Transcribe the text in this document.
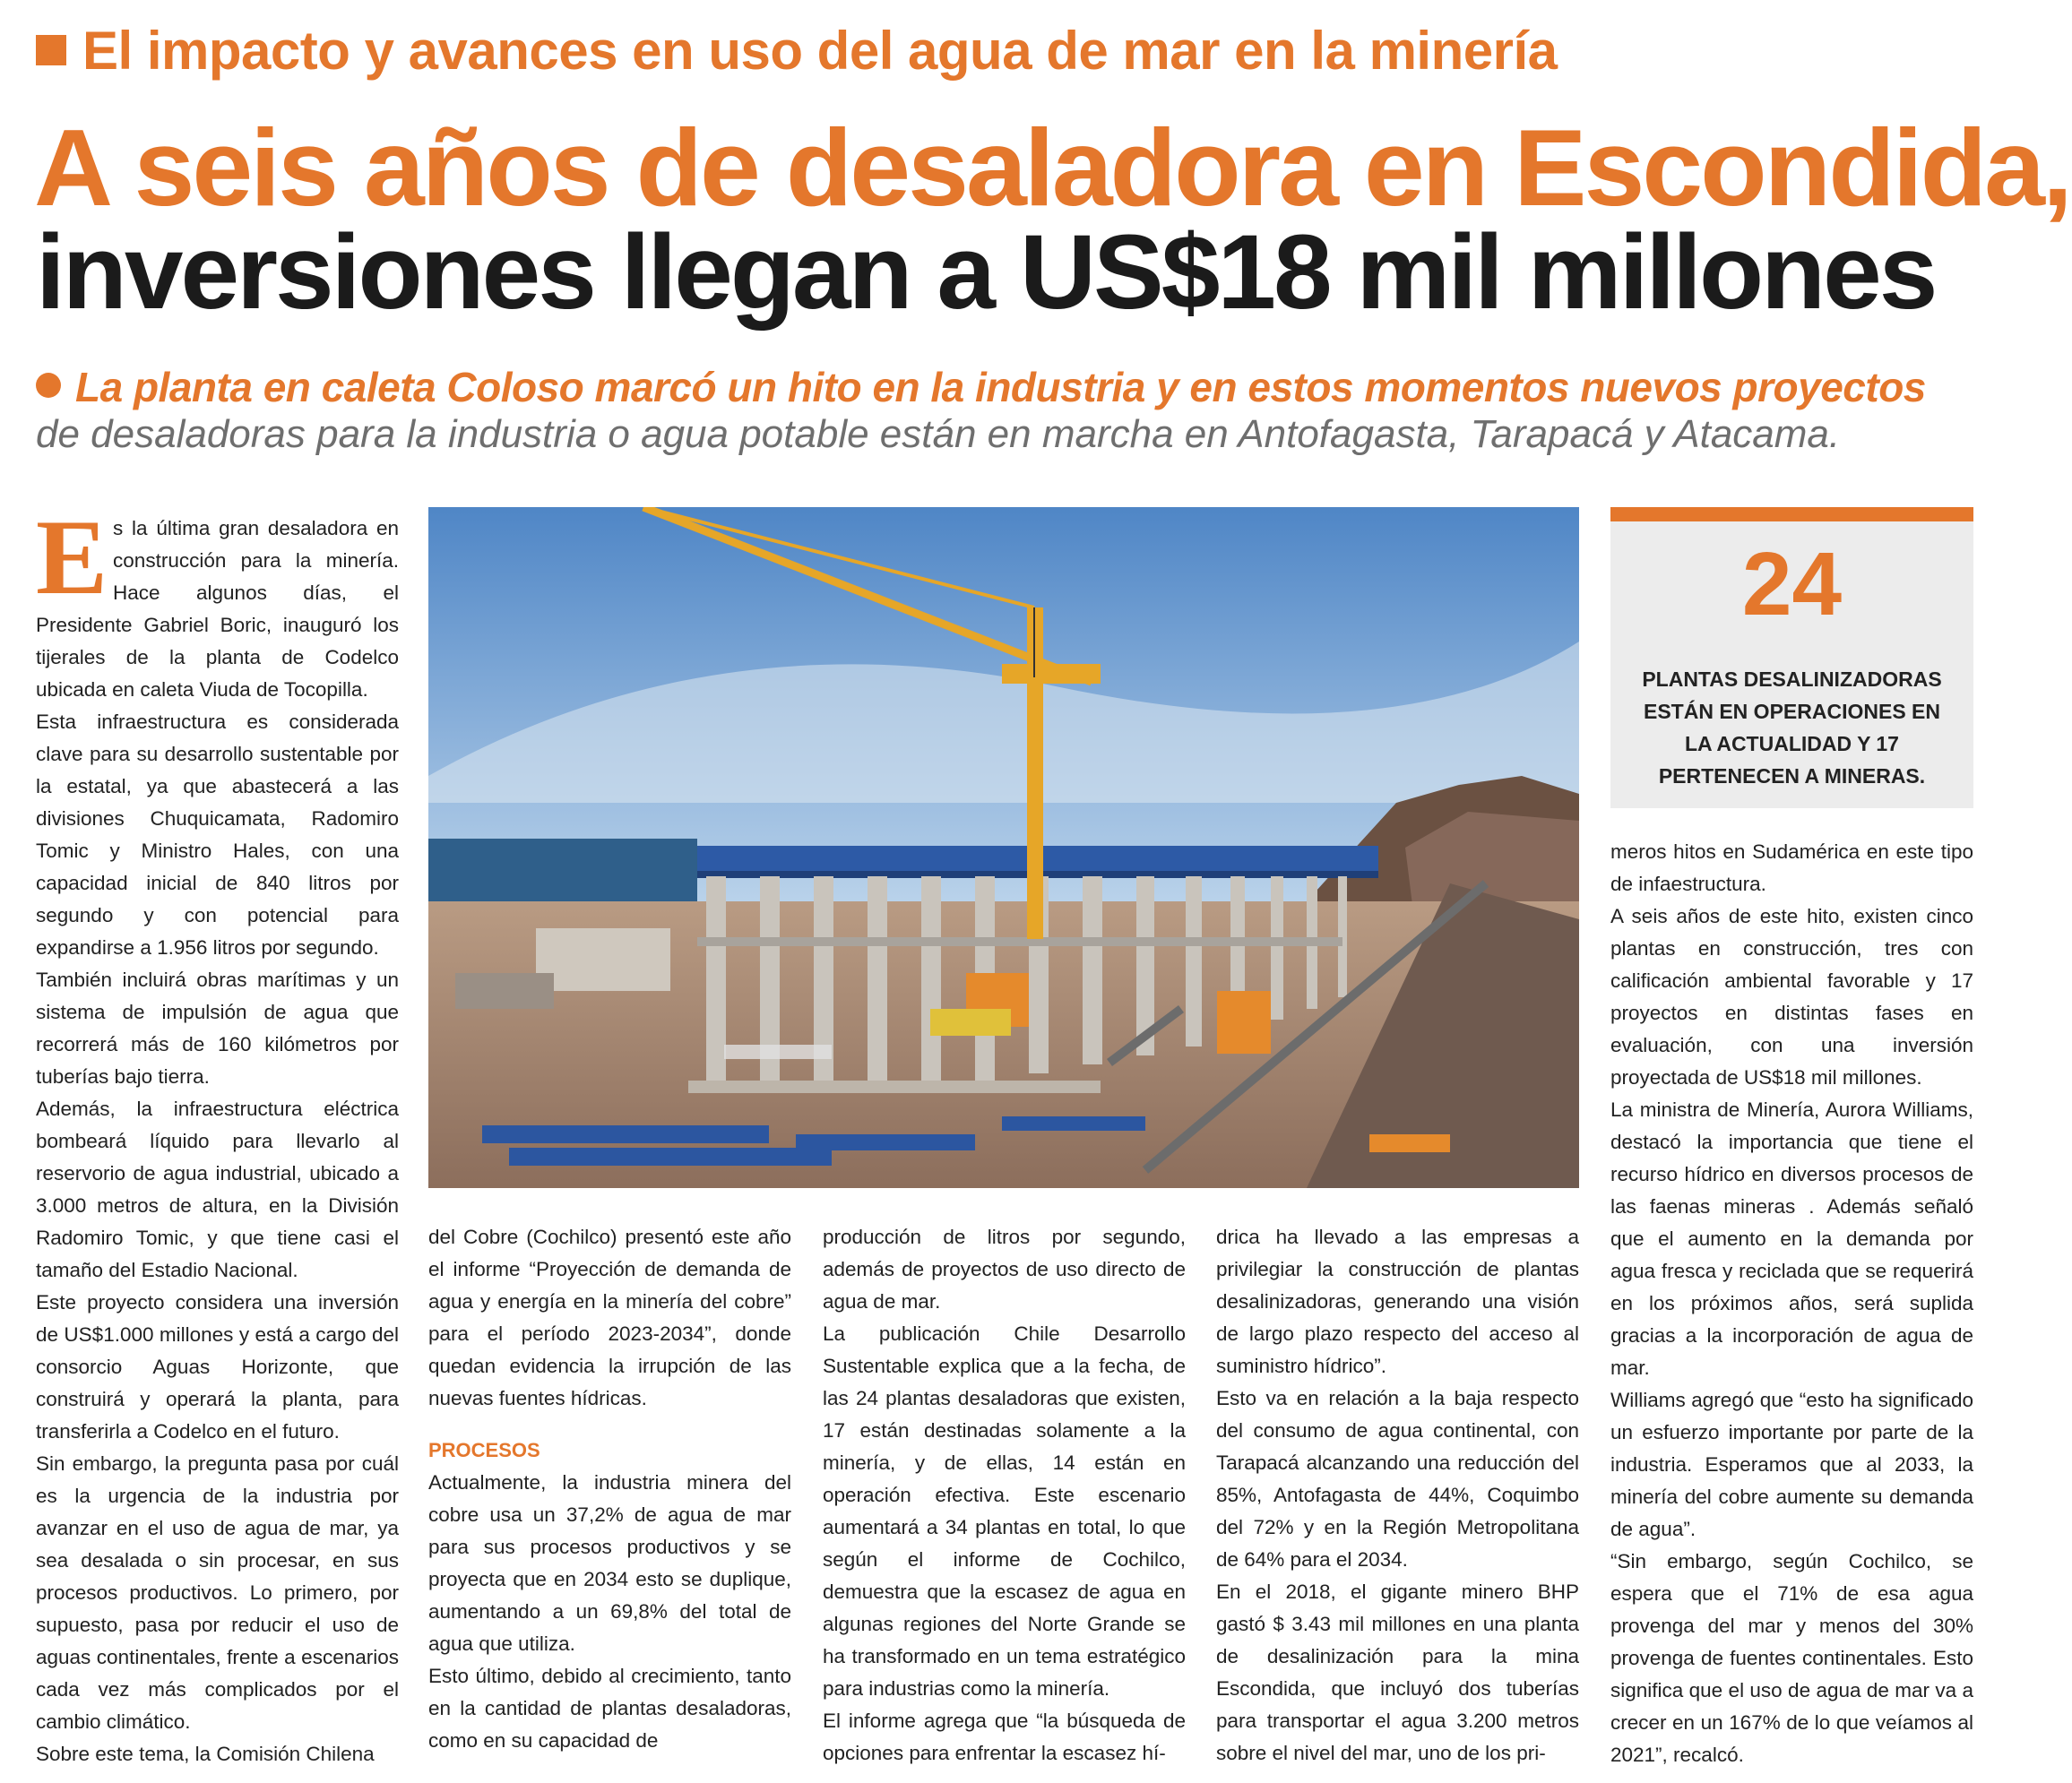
El impacto y avances en uso del agua de mar en la minería
A seis años de desaladora en Escondida,
inversiones llegan a US$18 mil millones
La planta en caleta Coloso marcó un hito en la industria y en estos momentos nuevos proyectos
de desaladoras para la industria o agua potable están en marcha en Antofagasta, Tarapacá y Atacama.
E s la última gran desaladora en construcción para la minería. Hace algunos días, el Presidente Gabriel Boric, inauguró los tijerales de la planta de Codelco ubicada en caleta Viuda de Tocopilla.

Esta infraestructura es considerada clave para su desarrollo sustentable por la estatal, ya que abastecerá a las divisiones Chuquicamata, Radomiro Tomic y Ministro Hales, con una capacidad inicial de 840 litros por segundo y con potencial para expandirse a 1.956 litros por segundo.

También incluirá obras marítimas y un sistema de impulsión de agua que recorrerá más de 160 kilómetros por tuberías bajo tierra.

Además, la infraestructura eléctrica bombeará líquido para llevarlo al reservorio de agua industrial, ubicado a 3.000 metros de altura, en la División Radomiro Tomic, y que tiene casi el tamaño del Estadio Nacional.

Este proyecto considera una inversión de US$1.000 millones y está a cargo del consorcio Aguas Horizonte, que construirá y operará la planta, para transferirla a Codelco en el futuro.

Sin embargo, la pregunta pasa por cuál es la urgencia de la industria por avanzar en el uso de agua de mar, ya sea desalada o sin procesar, en sus procesos productivos. Lo primero, por supuesto, pasa por reducir el uso de aguas continentales, frente a escenarios cada vez más complicados por el cambio climático.

Sobre este tema, la Comisión Chilena

24
PLANTAS DESALINIZADORAS ESTÁN EN OPERACIONES EN LA ACTUALIDAD Y 17 PERTENECEN A MINERAS.

del Cobre (Cochilco) presentó este año el informe “Proyección de demanda de agua y energía en la minería del cobre” para el período 2023-2034”, donde quedan evidencia la irrupción de las nuevas fuentes hídricas.

PROCESOS

Actualmente, la industria minera del cobre usa un 37,2% de agua de mar para sus procesos productivos y se proyecta que en 2034 esto se duplique, aumentando a un 69,8% del total de agua que utiliza.

Esto último, debido al crecimiento, tanto en la cantidad de plantas desaladoras, como en su capacidad de

producción de litros por segundo, además de proyectos de uso directo de agua de mar.

La publicación Chile Desarrollo Sustentable explica que a la fecha, de las 24 plantas desaladoras que existen, 17 están destinadas solamente a la minería, y de ellas, 14 están en operación efectiva. Este escenario aumentará a 34 plantas en total, lo que según el informe de Cochilco, demuestra que la escasez de agua en algunas regiones del Norte Grande se ha transformado en un tema estratégico para industrias como la minería.

El informe agrega que “la búsqueda de opciones para enfrentar la escasez hí-

drica ha llevado a las empresas a privilegiar la construcción de plantas desalinizadoras, generando una visión de largo plazo respecto del acceso al suministro hídrico”.

Esto va en relación a la baja respecto del consumo de agua continental, con Tarapacá alcanzando una reducción del 85%, Antofagasta de 44%, Coquimbo del 72% y en la Región Metropolitana de 64% para el 2034.

En el 2018, el gigante minero BHP gastó $ 3.43 mil millones en una planta de desalinización para la mina Escondida, que incluyó dos tuberías para transportar el agua 3.200 metros sobre el nivel del mar, uno de los pri-

meros hitos en Sudamérica en este tipo de infaestructura.

A seis años de este hito, existen cinco plantas en construcción, tres con calificación ambiental favorable y 17 proyectos en distintas fases en evaluación, con una inversión proyectada de US$18 mil millones.

La ministra de Minería, Aurora Williams, destacó la importancia que tiene el recurso hídrico en diversos procesos de las faenas mineras . Además señaló que el aumento en la demanda por agua fresca y reciclada que se requerirá en los próximos años, será suplida gracias a la incorporación de agua de mar.

Williams agregó que “esto ha significado un esfuerzo importante por parte de la industria. Esperamos que al 2033, la minería del cobre aumente su demanda de agua”.

“Sin embargo, según Cochilco, se espera que el 71% de esa agua provenga del mar y menos del 30% provenga de fuentes continentales. Esto significa que el uso de agua de mar va a crecer en un 167% de lo que veíamos al 2021”, recalcó.
